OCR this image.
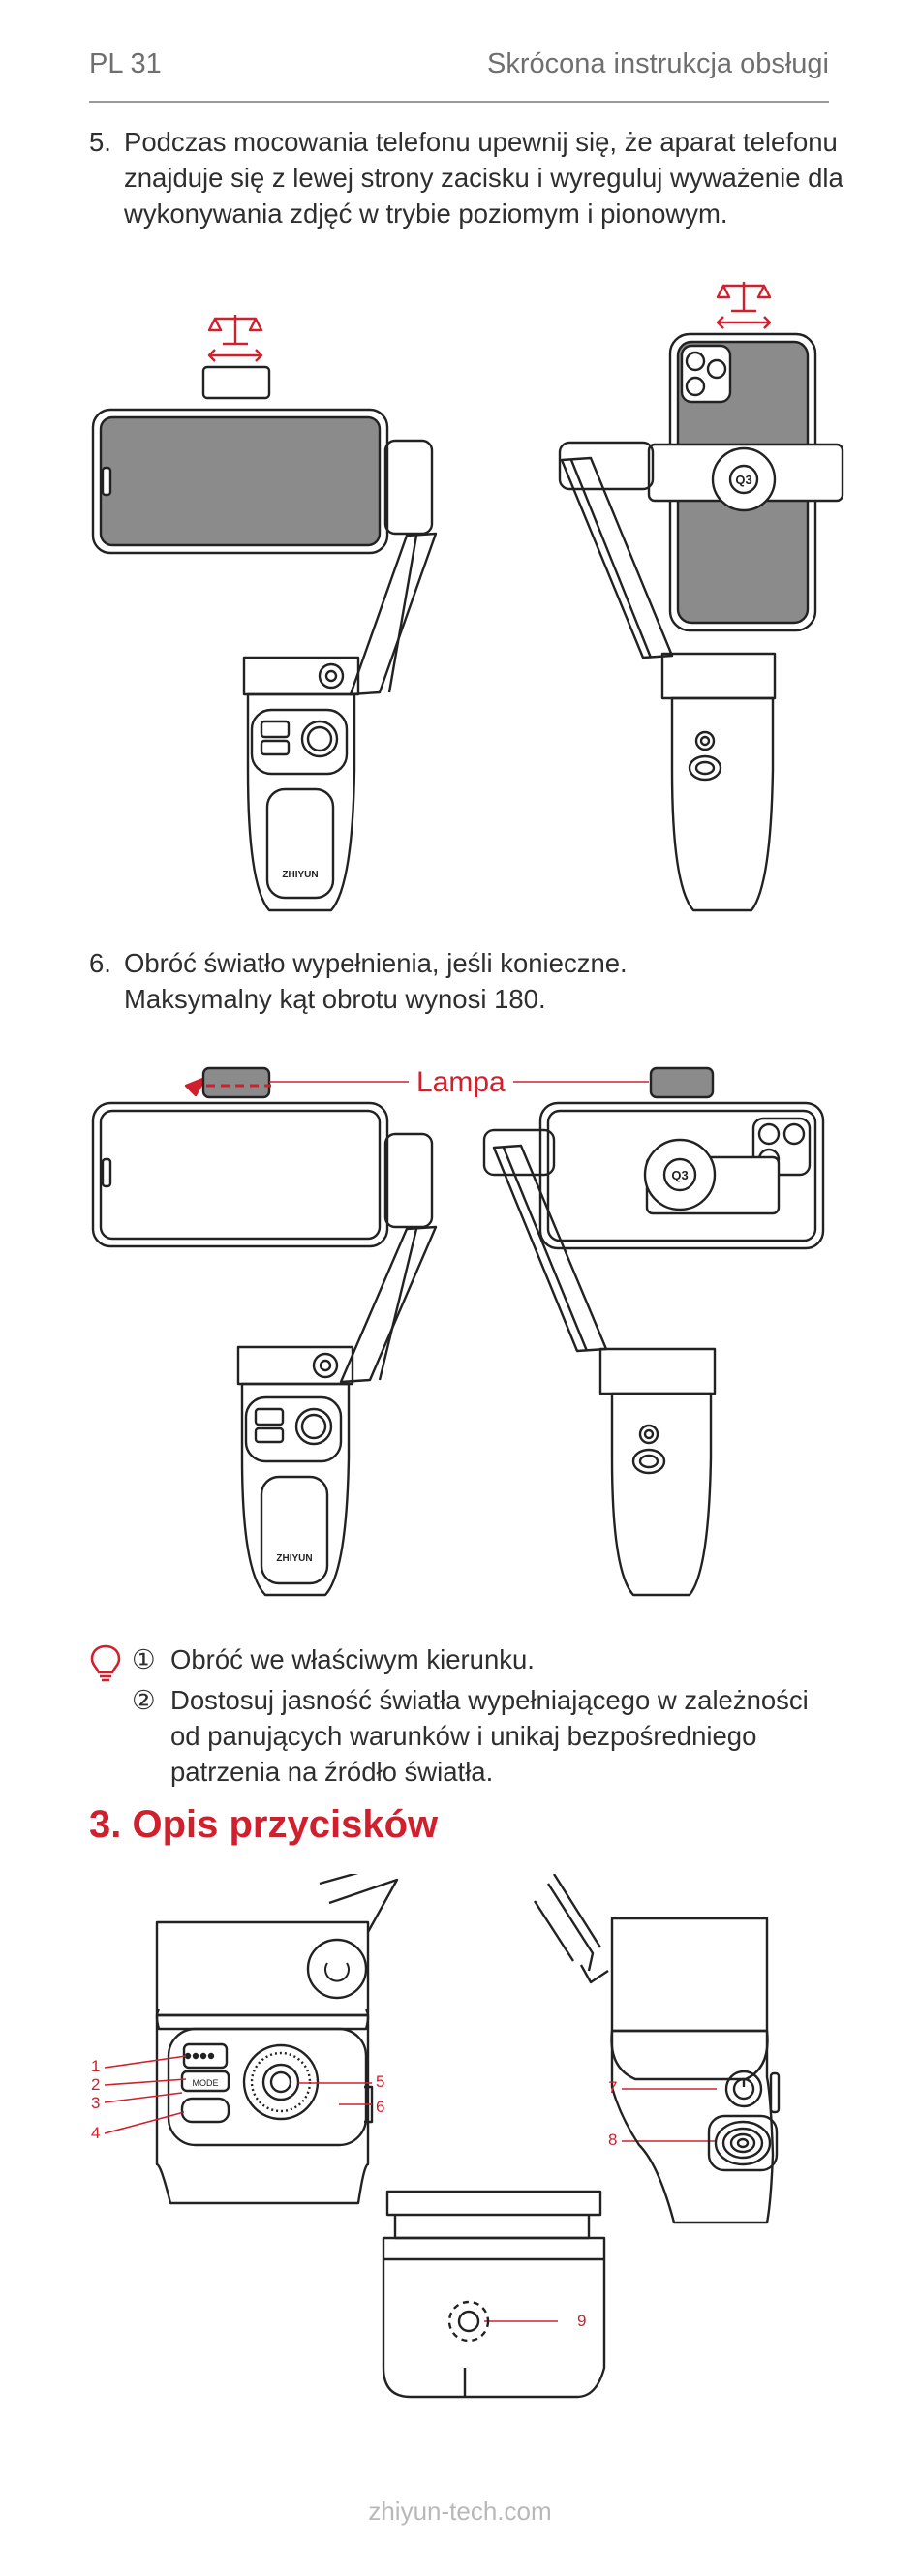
PL 31	Skrócona instrukcja obsługi
5. Podczas mocowania telefonu upewnij się, że aparat telefonu znajduje się z lewej strony zacisku i wyreguluj wyważenie dla wykonywania zdjęć w trybie poziomym i pionowym.
ZHIYUN
Q3
6. Obróć światło wypełnienia, jeśli konieczne.
Maksymalny kąt obrotu wynosi 180.
ZHIYUN
Q3
Lampa
① Obróć we właściwym kierunku.
② Dostosuj jasność światła wypełniającego w zależności od panujących warunków i unikaj bezpośredniego patrzenia na źródło światła.
3. Opis przycisków
MODE
1
2
3
4
5
6
7
8
9
zhiyun-tech.com
